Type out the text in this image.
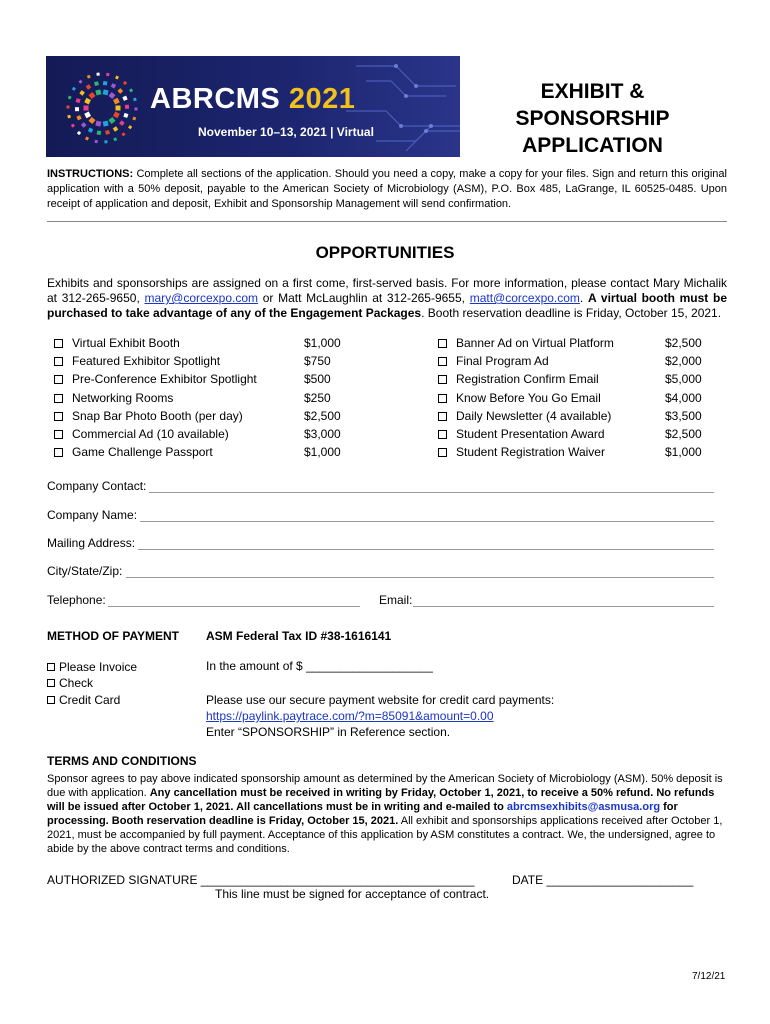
ABRCMS 2021
November 10–13, 2021 | Virtual
EXHIBIT &
SPONSORSHIP
APPLICATION
INSTRUCTIONS: Complete all sections of the application. Should you need a copy, make a copy for your files. Sign and return this original application with a 50% deposit, payable to the American Society of Microbiology (ASM), P.O. Box 485, LaGrange, IL 60525-0485. Upon receipt of application and deposit, Exhibit and Sponsorship Management will send confirmation.
OPPORTUNITIES
Exhibits and sponsorships are assigned on a first come, first-served basis. For more information, please contact Mary Michalik at 312-265-9650, mary@corcexpo.com or Matt McLaughlin at 312-265-9655, matt@corcexpo.com. A virtual booth must be purchased to take advantage of any of the Engagement Packages. Booth reservation deadline is Friday, October 15, 2021.
Virtual Exhibit Booth	$1,000
Featured Exhibitor Spotlight	$750
Pre-Conference Exhibitor Spotlight	$500
Networking Rooms	$250
Snap Bar Photo Booth (per day)	$2,500
Commercial Ad (10 available)	$3,000
Game Challenge Passport	$1,000
Banner Ad on Virtual Platform	$2,500
Final Program Ad	$2,000
Registration Confirm Email	$5,000
Know Before You Go Email	$4,000
Daily Newsletter (4 available)	$3,500
Student Presentation Award	$2,500
Student Registration Waiver	$1,000
Company Contact:
Company Name:
Mailing Address:
City/State/Zip:
Telephone:	Email:
METHOD OF PAYMENT ASM Federal Tax ID #38-1616141
Please Invoice
Check
Credit Card
In the amount of $ ___________________
Please use our secure payment website for credit card payments:
https://paylink.paytrace.com/?m=85091&amount=0.00
Enter “SPONSORSHIP” in Reference section.
TERMS AND CONDITIONS
Sponsor agrees to pay above indicated sponsorship amount as determined by the American Society of Microbiology (ASM). 50% deposit is due with application. Any cancellation must be received in writing by Friday, October 1, 2021, to receive a 50% refund. No refunds will be issued after October 1, 2021. All cancellations must be in writing and e-mailed to abrcmsexhibits@asmusa.org for processing. Booth reservation deadline is Friday, October 15, 2021. All exhibit and sponsorships applications received after October 1, 2021, must be accompanied by full payment. Acceptance of this application by ASM constitutes a contract. We, the undersigned, agree to abide by the above contract terms and conditions.
AUTHORIZED SIGNATURE _________________________________________	DATE ______________________
This line must be signed for acceptance of contract.
7/12/21
